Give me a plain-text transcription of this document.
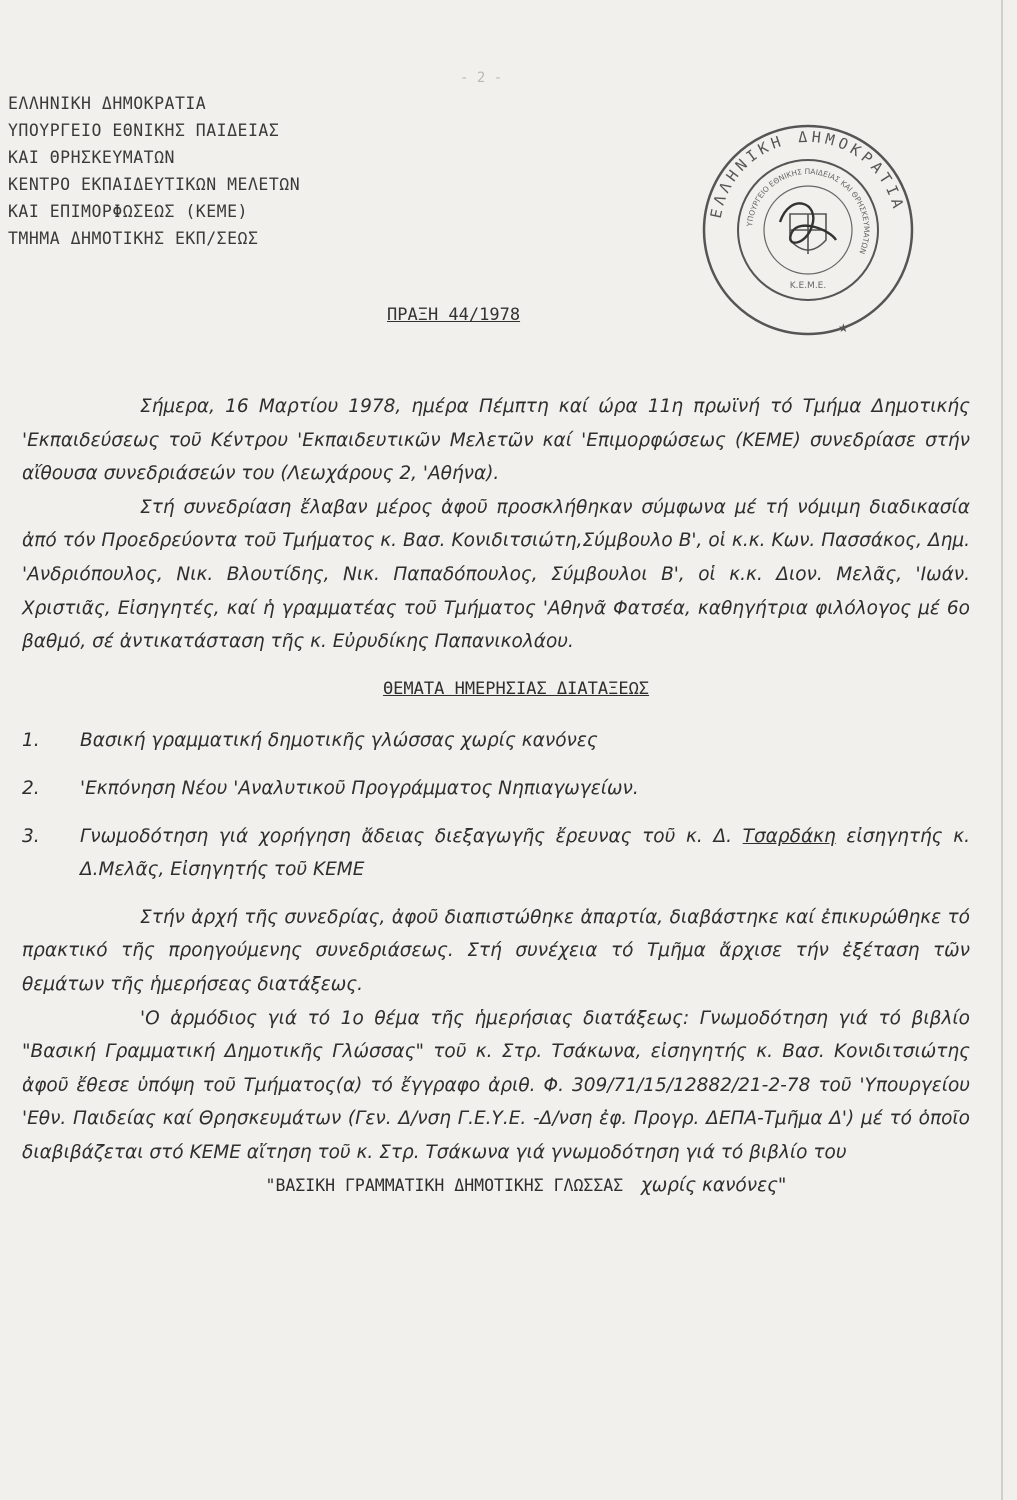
- 2 -
ΕΛΛΗΝΙΚΗ ΔΗΜΟΚΡΑΤΙΑ
ΥΠΟΥΡΓΕΙΟ ΕΘΝΙΚΗΣ ΠΑΙΔΕΙΑΣ
ΚΑΙ ΘΡΗΣΚΕΥΜΑΤΩΝ
ΚΕΝΤΡΟ ΕΚΠΑΙΔΕΥΤΙΚΩΝ ΜΕΛΕΤΩΝ
ΚΑΙ ΕΠΙΜΟΡΦΩΣΕΩΣ (ΚΕΜΕ)
ΤΜΗΜΑ ΔΗΜΟΤΙΚΗΣ ΕΚΠ/ΣΕΩΣ
ΕΛΛΗΝΙΚΗ ΔΗΜΟΚΡΑΤΙΑ
ΥΠΟΥΡΓΕΙΟ ΕΘΝΙΚΗΣ ΠΑΙΔΕΙΑΣ ΚΑΙ ΘΡΗΣΚΕΥΜΑΤΩΝ
Κ.Ε.Μ.Ε.
★
ΠΡΑΞΗ 44/1978

Σήμερα, 16 Μαρτίου 1978, ημέρα Πέμπτη καί ώρα 11η πρωϊνή τό Τμήμα Δημοτικής 'Εκπαιδεύσεως τοῦ Κέντρου 'Εκπαιδευτικῶν Μελετῶν καί 'Επιμορφώσεως (ΚΕΜΕ) συνεδρίασε στήν αἴθουσα συνεδριάσεών του (Λεωχάρους 2, 'Αθήνα).

Στή συνεδρίαση ἔλαβαν μέρος ἀφοῦ προσκλήθηκαν σύμφωνα μέ τή νόμιμη διαδικασία ἀπό τόν Προεδρεύοντα τοῦ Τμήματος κ. Βασ. Κονιδιτσιώτη,Σύμβουλο Β', οἱ κ.κ. Κων. Πασσάκος, Δημ. 'Ανδριόπουλος, Νικ. Βλουτίδης, Νικ. Παπαδόπουλος, Σύμβουλοι Β', οἱ κ.κ. Διον. Μελᾶς, 'Ιωάν. Χριστιᾶς, Εἰσηγητές, καί ἡ γραμματέας τοῦ Τμήματος 'Αθηνᾶ Φατσέα, καθηγήτρια φιλόλογος μέ 6ο βαθμό, σέ ἀντικατάσταση τῆς κ. Εὐρυδίκης Παπανικολάου.

ΘΕΜΑΤΑ ΗΜΕΡΗΣΙΑΣ ΔΙΑΤΑΞΕΩΣ

1.	Βασική γραμματική δημοτικῆς γλώσσας χωρίς κανόνες

2.	'Εκπόνηση Νέου 'Αναλυτικοῦ Προγράμματος Νηπιαγωγείων.

3.	Γνωμοδότηση γιά χορήγηση ἄδειας διεξαγωγῆς ἔρευνας τοῦ κ. Δ. Τσαρδάκη εἰσηγητής κ. Δ.Μελᾶς, Εἰσηγητής τοῦ ΚΕΜΕ

Στήν ἀρχή τῆς συνεδρίας, ἀφοῦ διαπιστώθηκε ἀπαρτία, διαβάστηκε καί ἐπικυρώθηκε τό πρακτικό τῆς προηγούμενης συνεδριάσεως. Στή συνέχεια τό Τμῆμα ἄρχισε τήν ἐξέταση τῶν θεμάτων τῆς ἡμερήσεας διατάξεως.

'Ο ἁρμόδιος γιά τό 1ο θέμα τῆς ἡμερήσιας διατάξεως: Γνωμοδότηση γιά τό βιβλίο "Βασική Γραμματική Δημοτικῆς Γλώσσας" τοῦ κ. Στρ. Τσάκωνα, εἰσηγητής κ. Βασ. Κονιδιτσιώτης ἀφοῦ ἔθεσε ὑπόψη τοῦ Τμήματος(α) τό ἔγγραφο ἀριθ. Φ. 309/71/15/12882/21-2-78 τοῦ 'Υπουργείου 'Εθν. Παιδείας καί Θρησκευμάτων (Γεν. Δ/νση Γ.Ε.Υ.Ε. -Δ/νση ἐφ. Προγρ. ΔΕΠΑ-Τμῆμα Δ') μέ τό ὁποῖο διαβιβάζεται στό ΚΕΜΕ αἴτηση τοῦ κ. Στρ. Τσάκωνα γιά γνωμοδότηση γιά τό βιβλίο του

"ΒΑΣΙΚΗ ΓΡΑΜΜΑΤΙΚΗ ΔΗΜΟΤΙΚΗΣ ΓΛΩΣΣΑΣ χωρίς κανόνες"
